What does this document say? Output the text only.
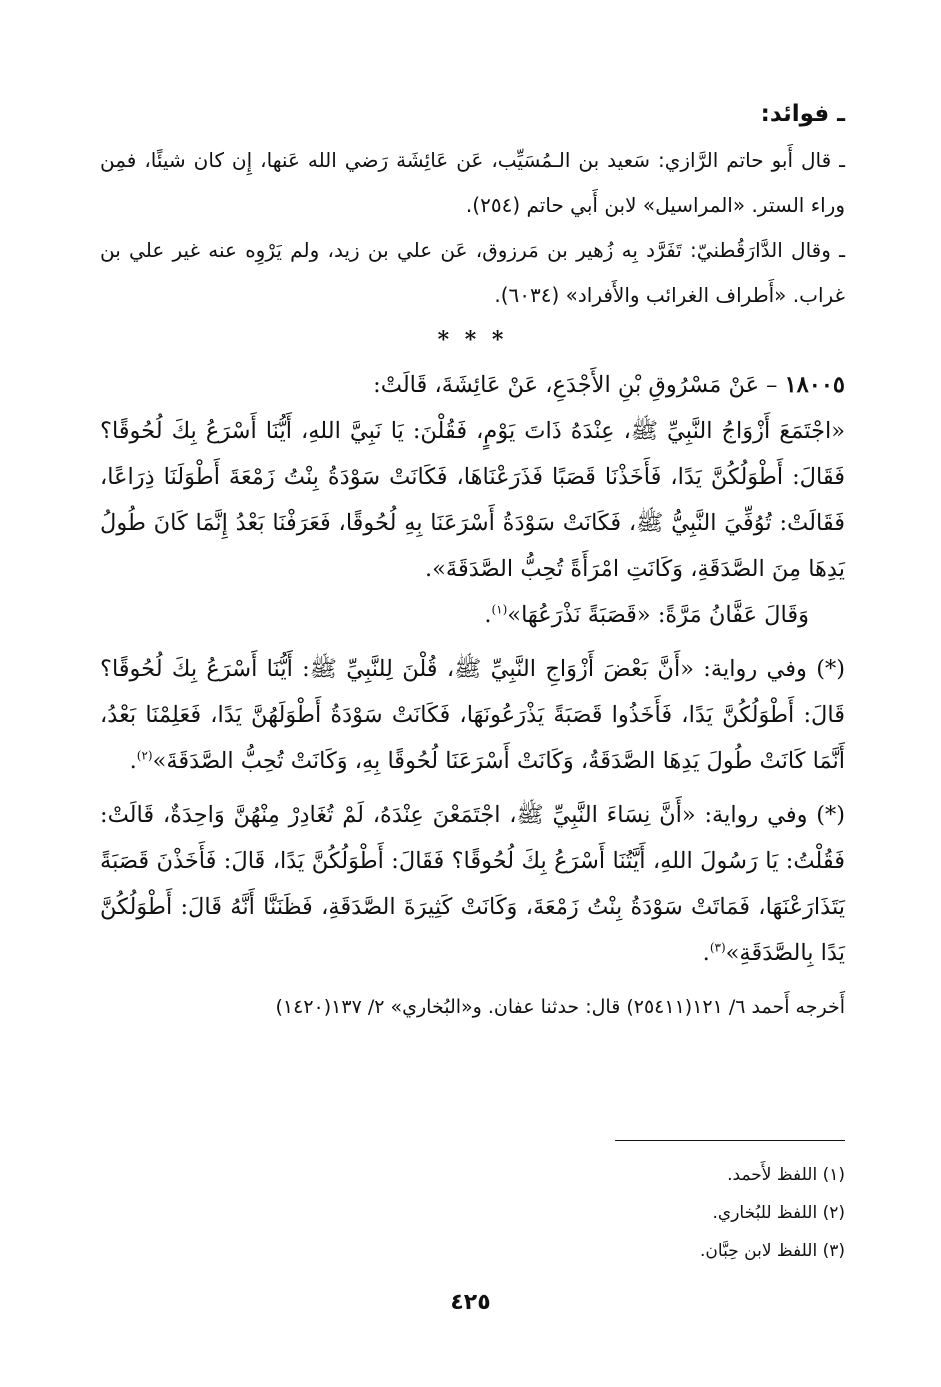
ـ فوائد:

ـ قال أَبو حاتم الرَّازي: سَعيد بن الـمُسَيِّب، عَن عَائِشَة رَضي الله عَنها، إِن كان شيئًا، فمِن وراء الستر. «المراسيل» لابن أَبي حاتم (٢٥٤).

ـ وقال الدَّارَقُطنيّ: تَفَرَّد بِه زُهير بن مَرزوق، عَن علي بن زيد، ولم يَرْوِه عنه غير علي بن غراب. «أَطراف الغرائب والأَفراد» (٦٠٣٤).

* * *

١٨٠٠٥ – عَنْ مَسْرُوقِ بْنِ الأَجْدَعِ، عَنْ عَائِشَةَ، قَالَتْ:

«اجْتَمَعَ أَزْوَاجُ النَّبِيِّ ﷺ، عِنْدَهُ ذَاتَ يَوْمٍ، فَقُلْنَ: يَا نَبِيَّ اللهِ، أَيُّنَا أَسْرَعُ بِكَ لُحُوقًا؟ فَقَالَ: أَطْوَلُكُنَّ يَدًا، فَأَخَذْنَا قَصَبًا فَذَرَعْنَاهَا، فَكَانَتْ سَوْدَةُ بِنْتُ زَمْعَةَ أَطْوَلَنَا ذِرَاعًا، فَقَالَتْ: تُوُفِّيَ النَّبِيُّ ﷺ، فَكَانَتْ سَوْدَةُ أَسْرَعَنَا بِهِ لُحُوقًا، فَعَرَفْنَا بَعْدُ إِنَّمَا كَانَ طُولُ يَدِهَا مِنَ الصَّدَقَةِ، وَكَانَتِ امْرَأَةً تُحِبُّ الصَّدَقَةَ».

وَقَالَ عَفَّانُ مَرَّةً: «قَصَبَةً نَذْرَعُهَا»$^{(١)}$.

(*) وفي رواية: «أَنَّ بَعْضَ أَزْوَاجِ النَّبِيِّ ﷺ، قُلْنَ لِلنَّبِيِّ ﷺ: أَيُّنَا أَسْرَعُ بِكَ لُحُوقًا؟ قَالَ: أَطْوَلُكُنَّ يَدًا، فَأَخَذُوا قَصَبَةً يَذْرَعُونَهَا، فَكَانَتْ سَوْدَةُ أَطْوَلَهُنَّ يَدًا، فَعَلِمْنَا بَعْدُ، أَنَّمَا كَانَتْ طُولَ يَدِهَا الصَّدَقَةُ، وَكَانَتْ أَسْرَعَنَا لُحُوقًا بِهِ، وَكَانَتْ تُحِبُّ الصَّدَقَةَ»$^{(٢)}$.

(*) وفي رواية: «أَنَّ نِسَاءَ النَّبِيِّ ﷺ، اجْتَمَعْنَ عِنْدَهُ، لَمْ تُغَادِرْ مِنْهُنَّ وَاحِدَةٌ، قَالَتْ: فَقُلْتُ: يَا رَسُولَ اللهِ، أَيَّتُنَا أَسْرَعُ بِكَ لُحُوقًا؟ فَقَالَ: أَطْوَلُكُنَّ يَدًا، قَالَ: فَأَخَذْنَ قَصَبَةً يَتَذَارَعْنَهَا، فَمَاتَتْ سَوْدَةُ بِنْتُ زَمْعَةَ، وَكَانَتْ كَثِيرَةَ الصَّدَقَةِ، فَظَنَنَّا أَنَّهُ قَالَ: أَطْوَلُكُنَّ يَدًا بِالصَّدَقَةِ»$^{(٣)}$.

أَخرجه أَحمد ٦/ ١٢١(٢٥٤١١) قال: حدثنا عفان. و«البُخاري» ٢/ ١٣٧(١٤٢٠)

(١) اللفظ لأَحمد.
(٢) اللفظ للبُخاري.
(٣) اللفظ لابن حِبَّان.
٤٢٥
